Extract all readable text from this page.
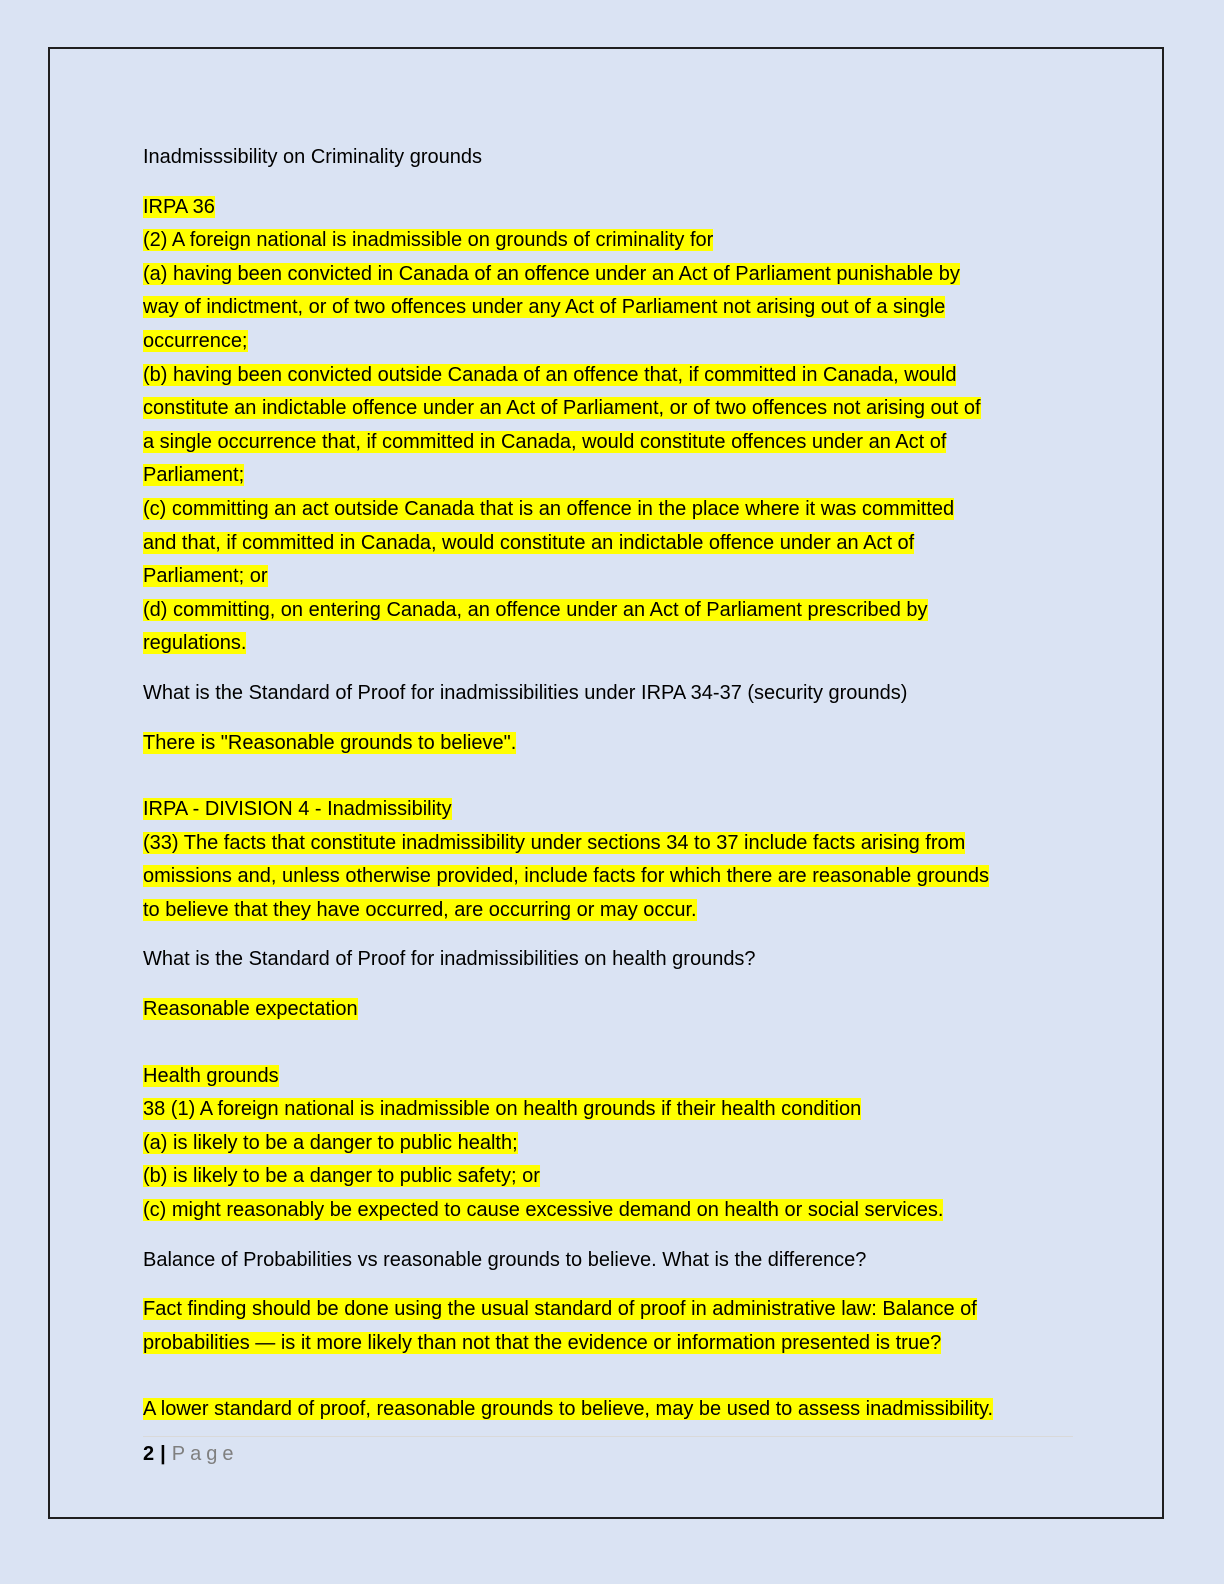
Inadmisssibility on Criminality grounds

IRPA 36
(2) A foreign national is inadmissible on grounds of criminality for
(a) having been convicted in Canada of an offence under an Act of Parliament punishable by
way of indictment, or of two offences under any Act of Parliament not arising out of a single
occurrence;
(b) having been convicted outside Canada of an offence that, if committed in Canada, would
constitute an indictable offence under an Act of Parliament, or of two offences not arising out of
a single occurrence that, if committed in Canada, would constitute offences under an Act of
Parliament;
(c) committing an act outside Canada that is an offence in the place where it was committed
and that, if committed in Canada, would constitute an indictable offence under an Act of
Parliament; or
(d) committing, on entering Canada, an offence under an Act of Parliament prescribed by
regulations.

What is the Standard of Proof for inadmissibilities under IRPA 34-37 (security grounds)

There is "Reasonable grounds to believe".

IRPA - DIVISION 4 - Inadmissibility
(33) The facts that constitute inadmissibility under sections 34 to 37 include facts arising from
omissions and, unless otherwise provided, include facts for which there are reasonable grounds
to believe that they have occurred, are occurring or may occur.

What is the Standard of Proof for inadmissibilities on health grounds?

Reasonable expectation

Health grounds
38 (1) A foreign national is inadmissible on health grounds if their health condition
(a) is likely to be a danger to public health;
(b) is likely to be a danger to public safety; or
(c) might reasonably be expected to cause excessive demand on health or social services.

Balance of Probabilities vs reasonable grounds to believe. What is the difference?

Fact finding should be done using the usual standard of proof in administrative law: Balance of
probabilities — is it more likely than not that the evidence or information presented is true?

A lower standard of proof, reasonable grounds to believe, may be used to assess inadmissibility.

2 | Page
